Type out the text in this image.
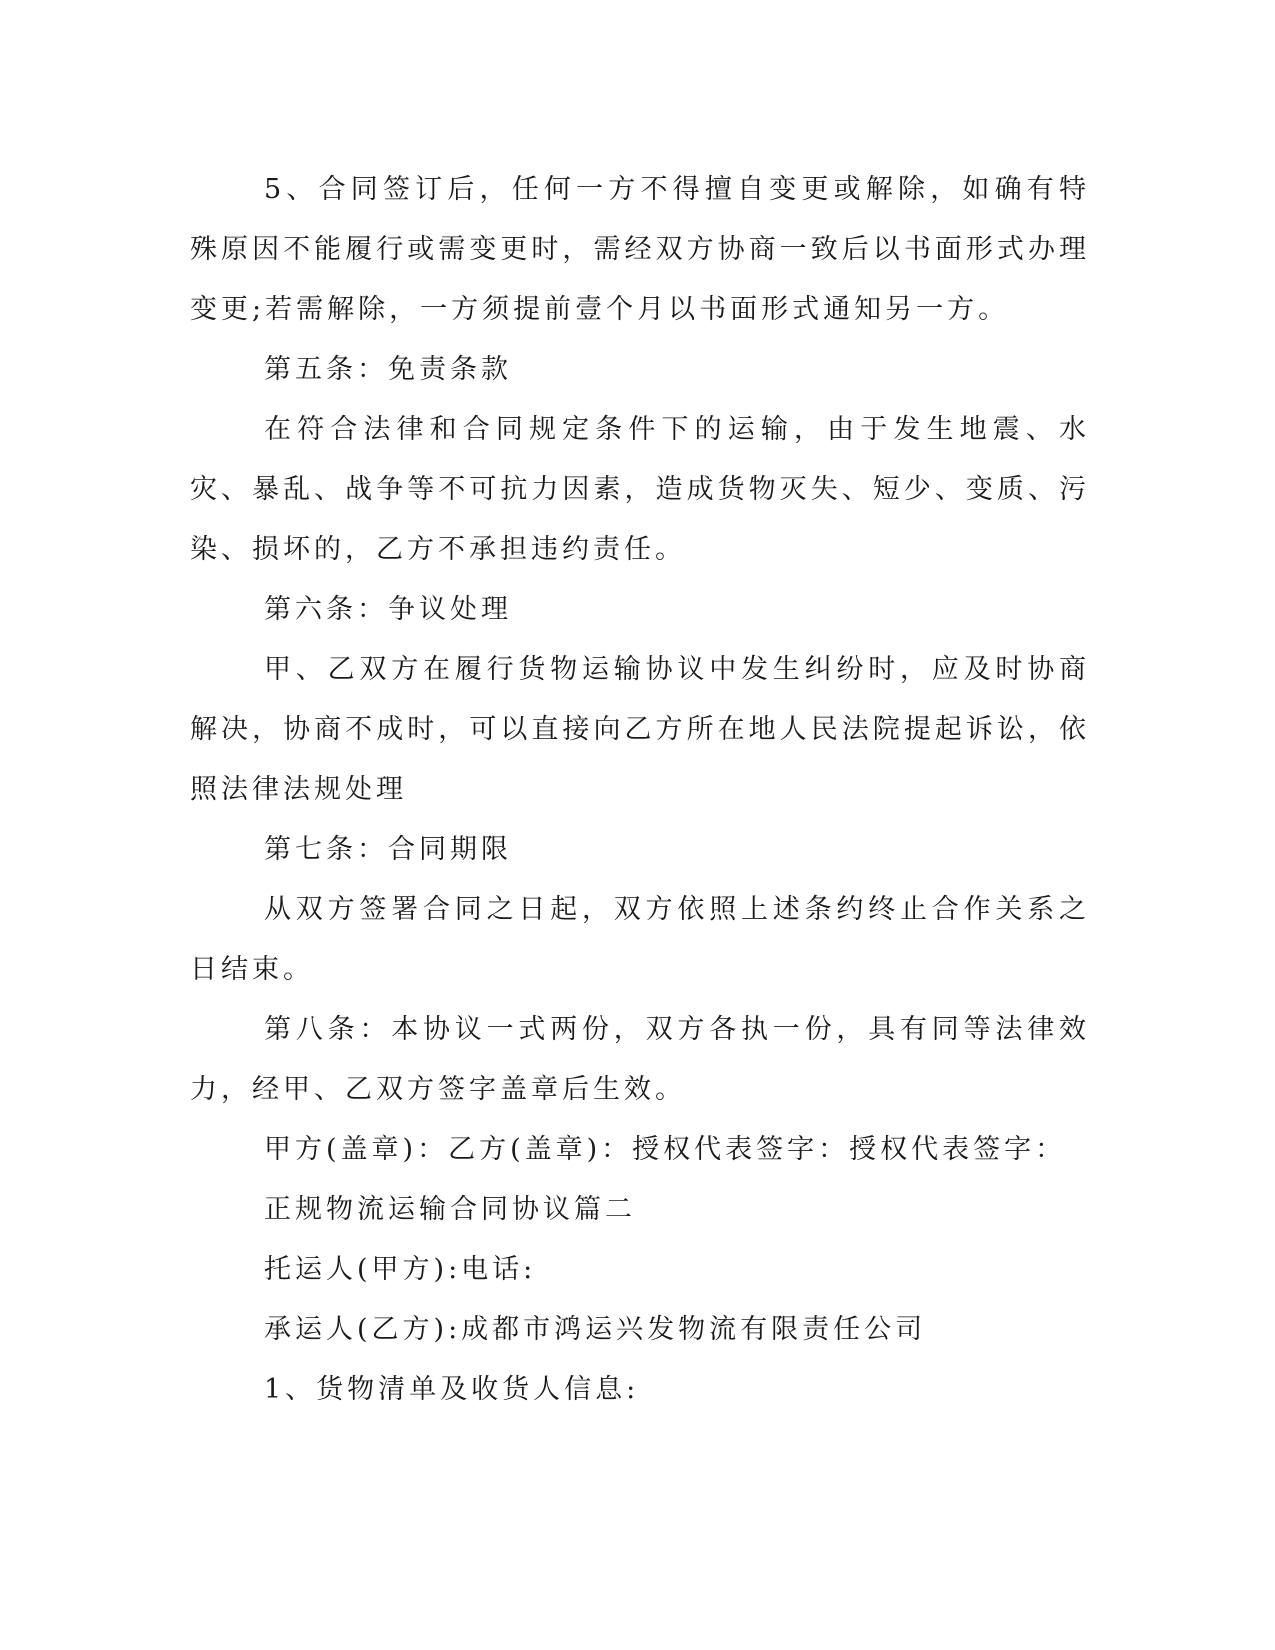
5、合同签订后，任何一方不得擅自变更或解除，如确有特殊原因不能履行或需变更时，需经双方协商一致后以书面形式办理变更;若需解除，一方须提前壹个月以书面形式通知另一方。

第五条：免责条款

在符合法律和合同规定条件下的运输，由于发生地震、水灾、暴乱、战争等不可抗力因素，造成货物灭失、短少、变质、污染、损坏的，乙方不承担违约责任。

第六条：争议处理

甲、乙双方在履行货物运输协议中发生纠纷时，应及时协商解决，协商不成时，可以直接向乙方所在地人民法院提起诉讼，依照法律法规处理

第七条：合同期限

从双方签署合同之日起，双方依照上述条约终止合作关系之日结束。

第八条：本协议一式两份，双方各执一份，具有同等法律效力，经甲、乙双方签字盖章后生效。

甲方(盖章)：乙方(盖章)：授权代表签字：授权代表签字：

正规物流运输合同协议篇二

托运人(甲方):电话:

承运人(乙方):成都市鸿运兴发物流有限责任公司

1、货物清单及收货人信息:
